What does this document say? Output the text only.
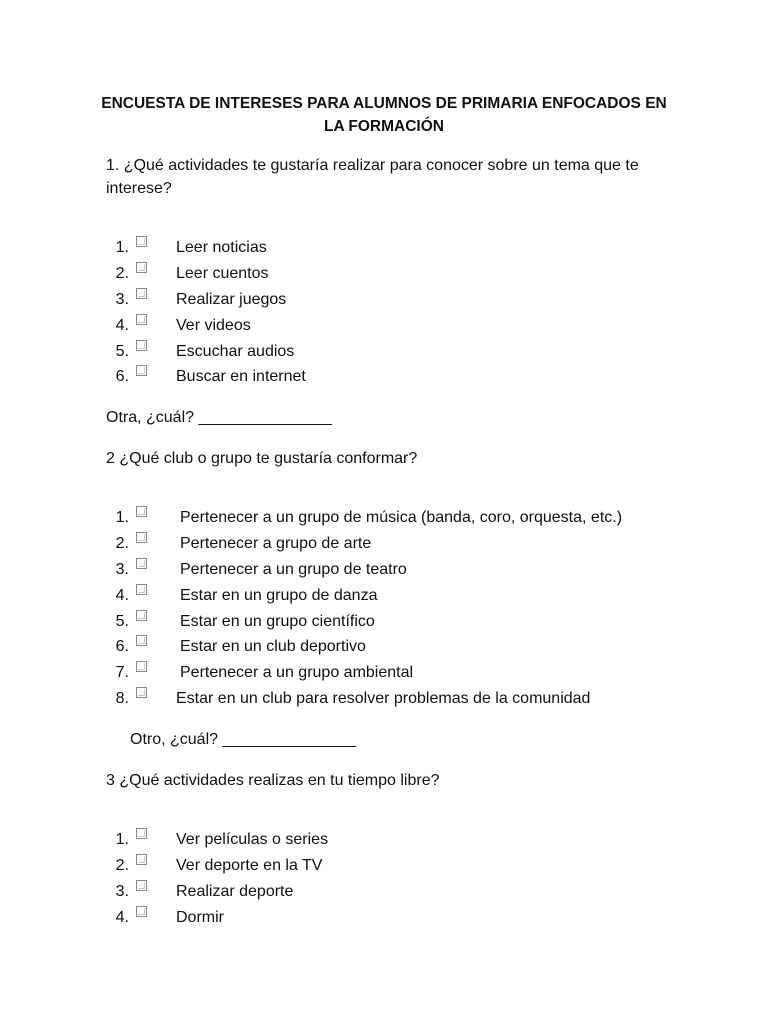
ENCUESTA DE INTERESES PARA ALUMNOS DE PRIMARIA ENFOCADOS EN LA FORMACIÓN

1. ¿Qué actividades te gustaría realizar para conocer sobre un tema que te interese?

1.	Leer noticias
2.	Leer cuentos
3.	Realizar juegos
4.	Ver videos
5.	Escuchar audios
6.	Buscar en internet

Otra, ¿cuál? _______________

2 ¿Qué club o grupo te gustaría conformar?

1.	Pertenecer a un grupo de música (banda, coro, orquesta, etc.)
2.	Pertenecer a grupo de arte
3.	Pertenecer a un grupo de teatro
4.	Estar en un grupo de danza
5.	Estar en un grupo científico
6.	Estar en un club deportivo
7.	Pertenecer a un grupo ambiental
8.	Estar en un club para resolver problemas de la comunidad

Otro, ¿cuál? _______________

3 ¿Qué actividades realizas en tu tiempo libre?

1.	Ver películas o series
2.	Ver deporte en la TV
3.	Realizar deporte
4.	Dormir
